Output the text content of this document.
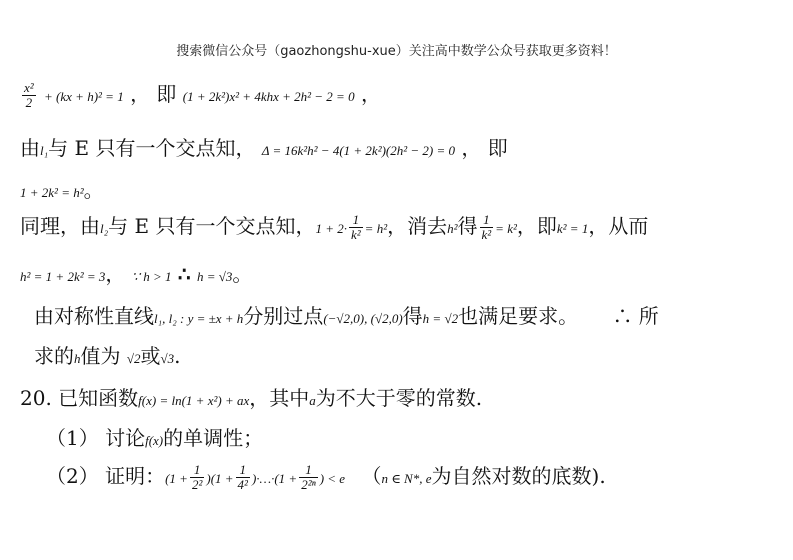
搜索微信公众号（gaozhongshu-xue）关注高中数学公众号获取更多资料！
$\frac{\text{x²}}{2} + (kx + h)^2 = 1$ ， 即 (1 + 2k²)x² + 4khx + 2h² − 2 = 0 ，
由l₁与 E 只有一个交点知， Δ = 16k²h² − 4(1 + 2k²)(2h² − 2) = 0 ， 即
1 + 2k² = h²。
同理，由l₂与 E 只有一个交点知，$1 + 2\cdot \frac{1}{\text{k²}} = h^2$，消去h²得 $\frac{1}{\text{k²}} = k^2$，即k² = 1，从而
h² = 1 + 2k² = 3， ∵ h > 1 ∴ h = √3。
由对称性直线l₁, l₂ : y = ±x + h分别过点(−√2,0), (√2,0)得h = √2也满足要求。 ∴ 所
求的h值为 √2或√3.
20. 已知函数f(x) = ln(1 + x²) + ax，其中a为不大于零的常数.
（1） 讨论f(x)的单调性；
（2） 证明：$(1 + \frac{1}{\text{2²}} )(1 + \frac{1}{\text{4²}}$ )·…·(1 + $\frac{1}{\text{2²ⁿ}}$ ) < e （n ∈ N*, e为自然对数的底数).
